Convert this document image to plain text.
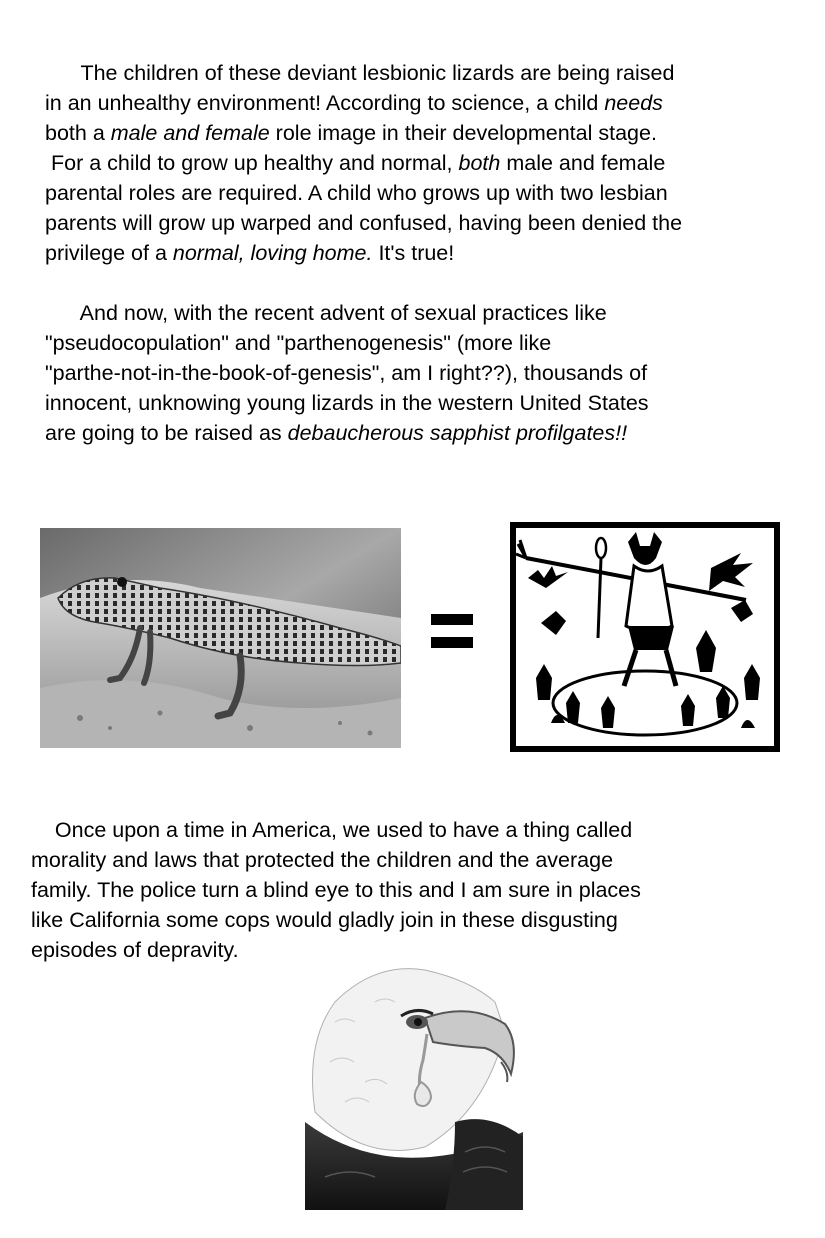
The children of these deviant lesbionic lizards are being raised
in an unhealthy environment! According to science, a child needs
both a male and female role image in their developmental stage.
For a child to grow up healthy and normal, both male and female
parental roles are required. A child who grows up with two lesbian
parents will grow up warped and confused, having been denied the
privilege of a normal, loving home. It's true!
And now, with the recent advent of sexual practices like
"pseudocopulation" and "parthenogenesis" (more like
"parthe-not-in-the-book-of-genesis", am I right??), thousands of
innocent, unknowing young lizards in the western United States
are going to be raised as debaucherous sapphist profilgates!!
Once upon a time in America, we used to have a thing called
morality and laws that protected the children and the average
family. The police turn a blind eye to this and I am sure in places
like California some cops would gladly join in these disgusting
episodes of depravity.
